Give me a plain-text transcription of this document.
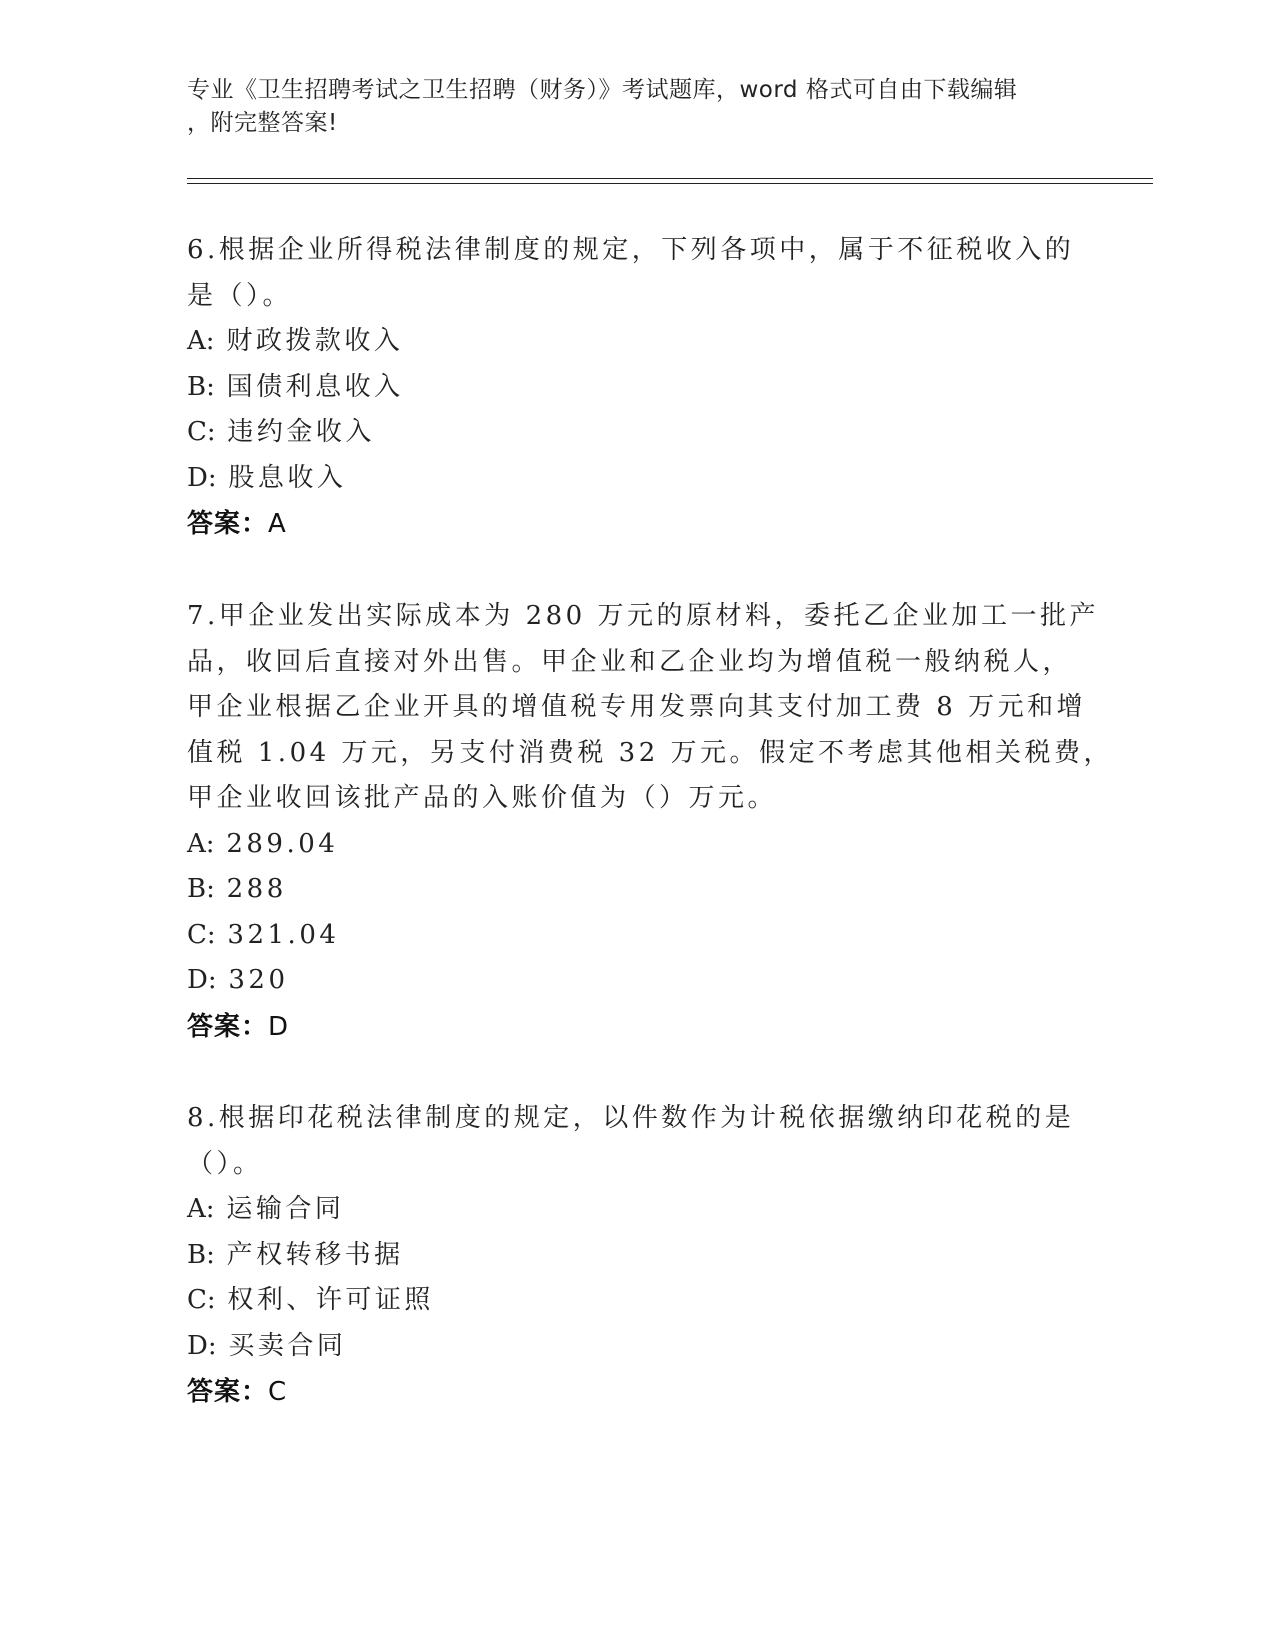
专业《卫生招聘考试之卫生招聘（财务）》考试题库，word 格式可自由下载编辑
，附完整答案!
6.根据企业所得税法律制度的规定，下列各项中，属于不征税收入的
是（）。
A: 财政拨款收入
B: 国债利息收入
C: 违约金收入
D: 股息收入
答案：A
7.甲企业发出实际成本为 280 万元的原材料，委托乙企业加工一批产
品，收回后直接对外出售。甲企业和乙企业均为增值税一般纳税人，
甲企业根据乙企业开具的增值税专用发票向其支付加工费 8 万元和增
值税 1.04 万元，另支付消费税 32 万元。假定不考虑其他相关税费，
甲企业收回该批产品的入账价值为（）万元。
A: 289.04
B: 288
C: 321.04
D: 320
答案：D
8.根据印花税法律制度的规定，以件数作为计税依据缴纳印花税的是
（）。
A: 运输合同
B: 产权转移书据
C: 权利、许可证照
D: 买卖合同
答案：C
